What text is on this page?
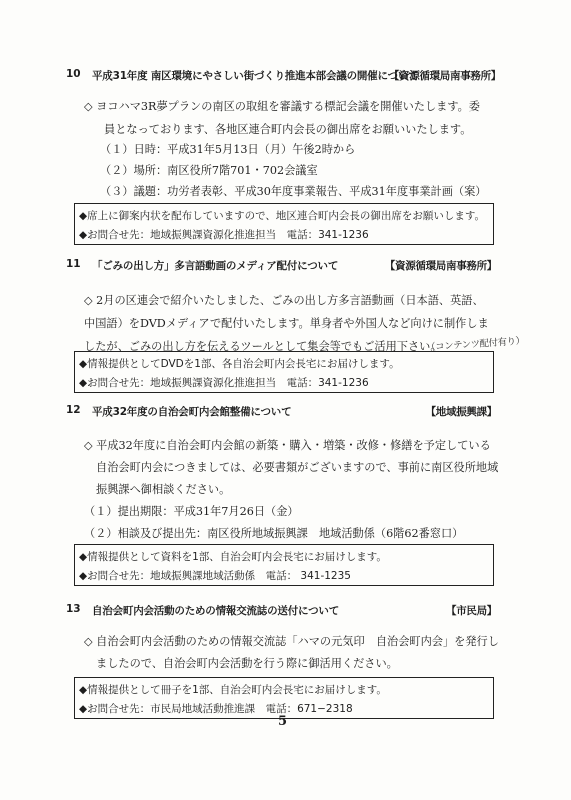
10 平成31年度 南区環境にやさしい街づくり推進本部会議の開催について
【資源循環局南事務所】
◇ ヨコハマ3R夢プランの南区の取組を審議する標記会議を開催いたします。委
員となっております、各地区連合町内会長の御出席をお願いいたします。
（１）日時：平成31年5月13日（月）午後2時から
（２）場所：南区役所7階701・702会議室
（３）議題：功労者表彰、平成30年度事業報告、平成31年度事業計画（案）
◆席上に御案内状を配布していますので、地区連合町内会長の御出席をお願いします。
◆お問合せ先：地域振興課資源化推進担当　電話：341-1236
11 「ごみの出し方」多言語動画のメディア配付について	【資源循環局南事務所】
◇ 2月の区連会で紹介いたしました、ごみの出し方多言語動画（日本語、英語、
中国語）をDVDメディアで配付いたします。単身者や外国人など向けに制作しま
したが、ごみの出し方を伝えるツールとして集会等でもご活用下さい。
（コンテンツ配付有り）
◆情報提供としてDVDを1部、各自治会町内会長宅にお届けします。
◆お問合せ先：地域振興課資源化推進担当　電話：341-1236
12 平成32年度の自治会町内会館整備について	【地域振興課】
◇ 平成32年度に自治会町内会館の新築・購入・増築・改修・修繕を予定している
自治会町内会につきましては、必要書類がございますので、事前に南区役所地域
振興課へ御相談ください。
（１）提出期限：平成31年7月26日（金）
（２）相談及び提出先：南区役所地域振興課　地域活動係（6階62番窓口）
◆情報提供として資料を1部、自治会町内会長宅にお届けします。
◆お問合せ先：地域振興課地域活動係　電話： 341-1235
13 自治会町内会活動のための情報交流誌の送付について	【市民局】
◇ 自治会町内会活動のための情報交流誌「ハマの元気印　自治会町内会」を発行し
ましたので、自治会町内会活動を行う際に御活用ください。
◆情報提供として冊子を1部、自治会町内会長宅にお届けします。
◆お問合せ先：市民局地域活動推進課　電話：671−2318
5
